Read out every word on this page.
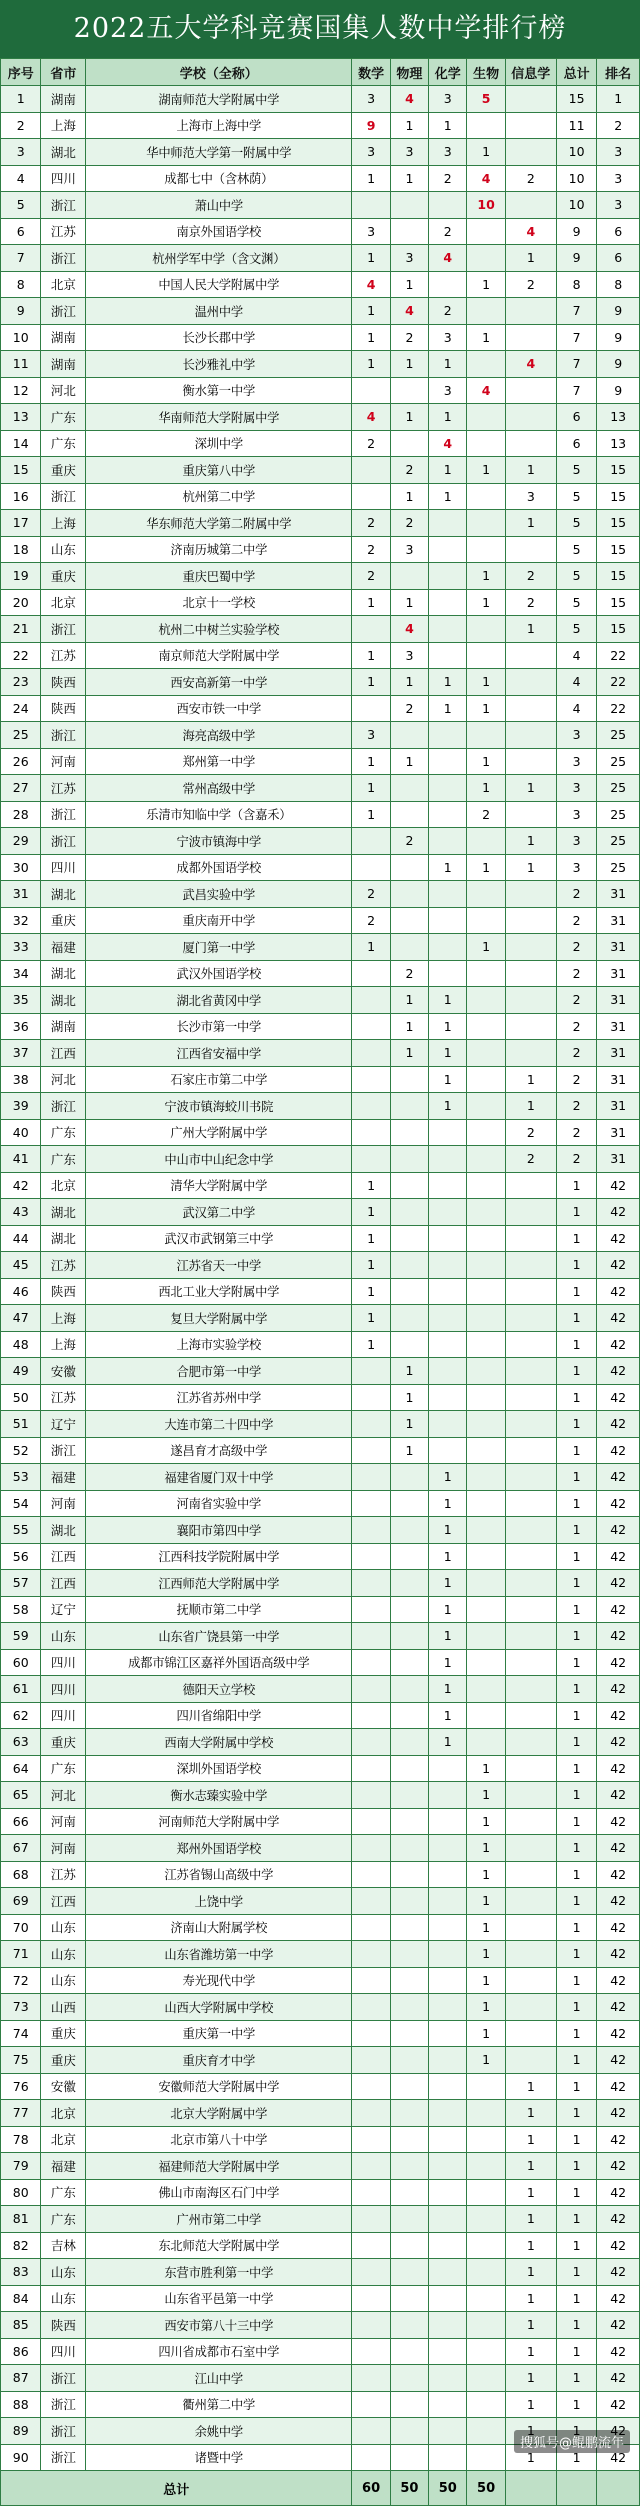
2022五大学科竞赛国集人数中学排行榜
序号	省市	学校（全称）	数学	物理	化学	生物	信息学	总计	排名
1	湖南	湖南师范大学附属中学	3	4	3	5		15	1
2	上海	上海市上海中学	9	1	1			11	2
3	湖北	华中师范大学第一附属中学	3	3	3	1		10	3
4	四川	成都七中（含林荫）	1	1	2	4	2	10	3
5	浙江	萧山中学				10		10	3
6	江苏	南京外国语学校	3		2		4	9	6
7	浙江	杭州学军中学（含文渊）	1	3	4		1	9	6
8	北京	中国人民大学附属中学	4	1		1	2	8	8
9	浙江	温州中学	1	4	2			7	9
10	湖南	长沙长郡中学	1	2	3	1		7	9
11	湖南	长沙雅礼中学	1	1	1		4	7	9
12	河北	衡水第一中学			3	4		7	9
13	广东	华南师范大学附属中学	4	1	1			6	13
14	广东	深圳中学	2		4			6	13
15	重庆	重庆第八中学		2	1	1	1	5	15
16	浙江	杭州第二中学		1	1		3	5	15
17	上海	华东师范大学第二附属中学	2	2			1	5	15
18	山东	济南历城第二中学	2	3				5	15
19	重庆	重庆巴蜀中学	2			1	2	5	15
20	北京	北京十一学校	1	1		1	2	5	15
21	浙江	杭州二中树兰实验学校		4			1	5	15
22	江苏	南京师范大学附属中学	1	3				4	22
23	陕西	西安高新第一中学	1	1	1	1		4	22
24	陕西	西安市铁一中学		2	1	1		4	22
25	浙江	海亮高级中学	3					3	25
26	河南	郑州第一中学	1	1		1		3	25
27	江苏	常州高级中学	1			1	1	3	25
28	浙江	乐清市知临中学（含嘉禾）	1			2		3	25
29	浙江	宁波市镇海中学		2			1	3	25
30	四川	成都外国语学校			1	1	1	3	25
31	湖北	武昌实验中学	2					2	31
32	重庆	重庆南开中学	2					2	31
33	福建	厦门第一中学	1			1		2	31
34	湖北	武汉外国语学校		2				2	31
35	湖北	湖北省黄冈中学		1	1			2	31
36	湖南	长沙市第一中学		1	1			2	31
37	江西	江西省安福中学		1	1			2	31
38	河北	石家庄市第二中学			1		1	2	31
39	浙江	宁波市镇海蛟川书院			1		1	2	31
40	广东	广州大学附属中学					2	2	31
41	广东	中山市中山纪念中学					2	2	31
42	北京	清华大学附属中学	1					1	42
43	湖北	武汉第二中学	1					1	42
44	湖北	武汉市武钢第三中学	1					1	42
45	江苏	江苏省天一中学	1					1	42
46	陕西	西北工业大学附属中学	1					1	42
47	上海	复旦大学附属中学	1					1	42
48	上海	上海市实验学校	1					1	42
49	安徽	合肥市第一中学		1				1	42
50	江苏	江苏省苏州中学		1				1	42
51	辽宁	大连市第二十四中学		1				1	42
52	浙江	遂昌育才高级中学		1				1	42
53	福建	福建省厦门双十中学			1			1	42
54	河南	河南省实验中学			1			1	42
55	湖北	襄阳市第四中学			1			1	42
56	江西	江西科技学院附属中学			1			1	42
57	江西	江西师范大学附属中学			1			1	42
58	辽宁	抚顺市第二中学			1			1	42
59	山东	山东省广饶县第一中学			1			1	42
60	四川	成都市锦江区嘉祥外国语高级中学			1			1	42
61	四川	德阳天立学校			1			1	42
62	四川	四川省绵阳中学			1			1	42
63	重庆	西南大学附属中学校			1			1	42
64	广东	深圳外国语学校				1		1	42
65	河北	衡水志臻实验中学				1		1	42
66	河南	河南师范大学附属中学				1		1	42
67	河南	郑州外国语学校				1		1	42
68	江苏	江苏省锡山高级中学				1		1	42
69	江西	上饶中学				1		1	42
70	山东	济南山大附属学校				1		1	42
71	山东	山东省潍坊第一中学				1		1	42
72	山东	寿光现代中学				1		1	42
73	山西	山西大学附属中学校				1		1	42
74	重庆	重庆第一中学				1		1	42
75	重庆	重庆育才中学				1		1	42
76	安徽	安徽师范大学附属中学					1	1	42
77	北京	北京大学附属中学					1	1	42
78	北京	北京市第八十中学					1	1	42
79	福建	福建师范大学附属中学					1	1	42
80	广东	佛山市南海区石门中学					1	1	42
81	广东	广州市第二中学					1	1	42
82	吉林	东北师范大学附属中学					1	1	42
83	山东	东营市胜利第一中学					1	1	42
84	山东	山东省平邑第一中学					1	1	42
85	陕西	西安市第八十三中学					1	1	42
86	四川	四川省成都市石室中学					1	1	42
87	浙江	江山中学					1	1	42
88	浙江	衢州第二中学					1	1	42
89	浙江	余姚中学					1	1	42
90	浙江	诸暨中学					1	1	42
总计			60	50	50	50			
搜狐号@鲲鹏流年
